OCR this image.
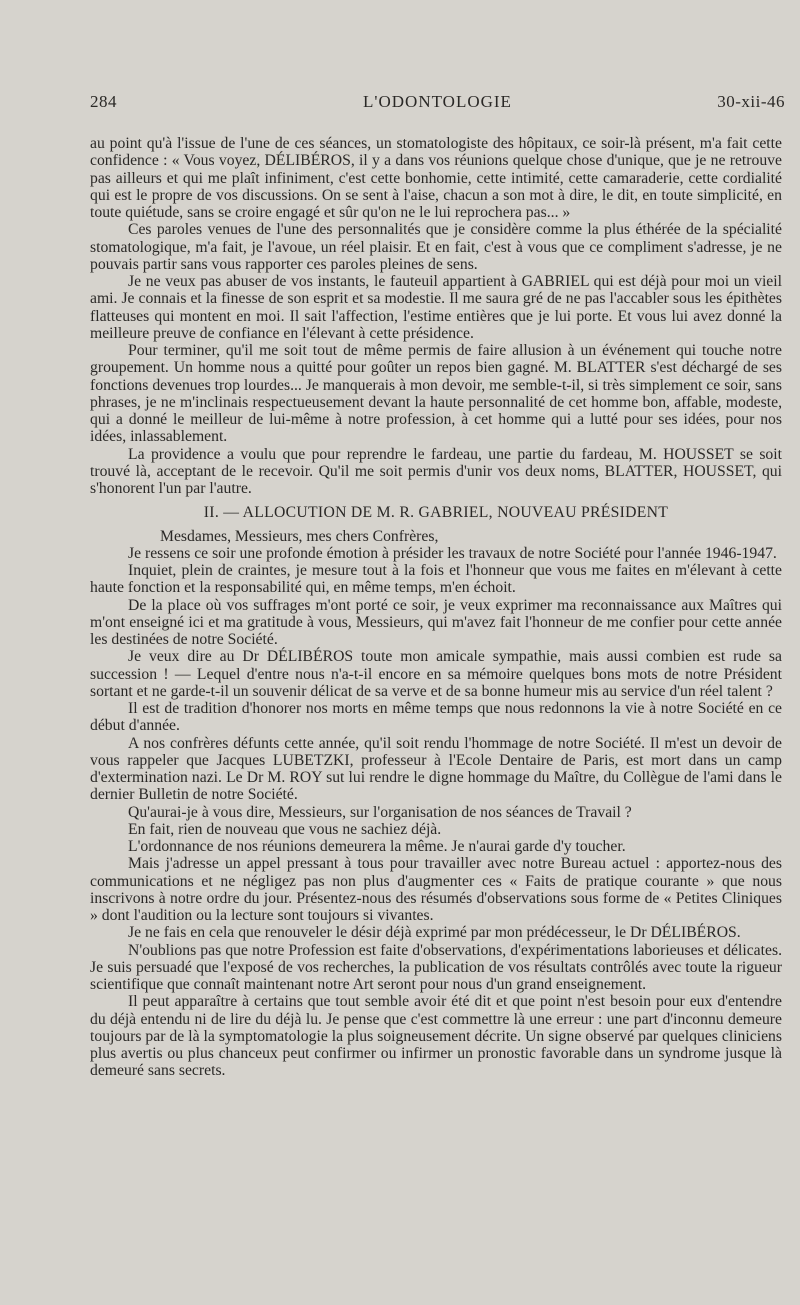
284	L'ODONTOLOGIE	30-xii-46

au point qu'à l'issue de l'une de ces séances, un stomatologiste des hôpitaux, ce soir-là présent, m'a fait cette confidence : « Vous voyez, DÉLIBÉROS, il y a dans vos réunions quelque chose d'unique, que je ne retrouve pas ailleurs et qui me plaît infiniment, c'est cette bonhomie, cette intimité, cette camaraderie, cette cordialité qui est le propre de vos discussions. On se sent à l'aise, chacun a son mot à dire, le dit, en toute simplicité, en toute quiétude, sans se croire engagé et sûr qu'on ne le lui reprochera pas... »

Ces paroles venues de l'une des personnalités que je considère comme la plus éthérée de la spécialité stomatologique, m'a fait, je l'avoue, un réel plaisir. Et en fait, c'est à vous que ce compliment s'adresse, je ne pouvais partir sans vous rapporter ces paroles pleines de sens.

Je ne veux pas abuser de vos instants, le fauteuil appartient à GABRIEL qui est déjà pour moi un vieil ami. Je connais et la finesse de son esprit et sa modestie. Il me saura gré de ne pas l'accabler sous les épithètes flatteuses qui montent en moi. Il sait l'affection, l'estime entières que je lui porte. Et vous lui avez donné la meilleure preuve de confiance en l'élevant à cette présidence.

Pour terminer, qu'il me soit tout de même permis de faire allusion à un événement qui touche notre groupement. Un homme nous a quitté pour goûter un repos bien gagné. M. BLATTER s'est déchargé de ses fonctions devenues trop lourdes... Je manquerais à mon devoir, me semble-t-il, si très simplement ce soir, sans phrases, je ne m'inclinais respectueusement devant la haute personnalité de cet homme bon, affable, modeste, qui a donné le meilleur de lui-même à notre profession, à cet homme qui a lutté pour ses idées, pour nos idées, inlassablement.

La providence a voulu que pour reprendre le fardeau, une partie du fardeau, M. HOUSSET se soit trouvé là, acceptant de le recevoir. Qu'il me soit permis d'unir vos deux noms, BLATTER, HOUSSET, qui s'honorent l'un par l'autre.

II. — ALLOCUTION DE M. R. GABRIEL, NOUVEAU PRÉSIDENT

Mesdames, Messieurs, mes chers Confrères,

Je ressens ce soir une profonde émotion à présider les travaux de notre Société pour l'année 1946-1947.

Inquiet, plein de craintes, je mesure tout à la fois et l'honneur que vous me faites en m'élevant à cette haute fonction et la responsabilité qui, en même temps, m'en échoit.

De la place où vos suffrages m'ont porté ce soir, je veux exprimer ma reconnaissance aux Maîtres qui m'ont enseigné ici et ma gratitude à vous, Messieurs, qui m'avez fait l'honneur de me confier pour cette année les destinées de notre Société.

Je veux dire au Dr DÉLIBÉROS toute mon amicale sympathie, mais aussi combien est rude sa succession ! — Lequel d'entre nous n'a-t-il encore en sa mémoire quelques bons mots de notre Président sortant et ne garde-t-il un souvenir délicat de sa verve et de sa bonne humeur mis au service d'un réel talent ?

Il est de tradition d'honorer nos morts en même temps que nous redonnons la vie à notre Société en ce début d'année.

A nos confrères défunts cette année, qu'il soit rendu l'hommage de notre Société. Il m'est un devoir de vous rappeler que Jacques LUBETZKI, professeur à l'Ecole Dentaire de Paris, est mort dans un camp d'extermination nazi. Le Dr M. ROY sut lui rendre le digne hommage du Maître, du Collègue de l'ami dans le dernier Bulletin de notre Société.

Qu'aurai-je à vous dire, Messieurs, sur l'organisation de nos séances de Travail ?

En fait, rien de nouveau que vous ne sachiez déjà.

L'ordonnance de nos réunions demeurera la même. Je n'aurai garde d'y toucher.

Mais j'adresse un appel pressant à tous pour travailler avec notre Bureau actuel : apportez-nous des communications et ne négligez pas non plus d'augmenter ces « Faits de pratique courante » que nous inscrivons à notre ordre du jour. Présentez-nous des résumés d'observations sous forme de « Petites Cliniques » dont l'audition ou la lecture sont toujours si vivantes.

Je ne fais en cela que renouveler le désir déjà exprimé par mon prédécesseur, le Dr DÉLIBÉROS.

N'oublions pas que notre Profession est faite d'observations, d'expérimentations laborieuses et délicates. Je suis persuadé que l'exposé de vos recherches, la publication de vos résultats contrôlés avec toute la rigueur scientifique que connaît maintenant notre Art seront pour nous d'un grand enseignement.

Il peut apparaître à certains que tout semble avoir été dit et que point n'est besoin pour eux d'entendre du déjà entendu ni de lire du déjà lu. Je pense que c'est commettre là une erreur : une part d'inconnu demeure toujours par de là la symptomatologie la plus soigneusement décrite. Un signe observé par quelques cliniciens plus avertis ou plus chanceux peut confirmer ou infirmer un pronostic favorable dans un syndrome jusque là demeuré sans secrets.
